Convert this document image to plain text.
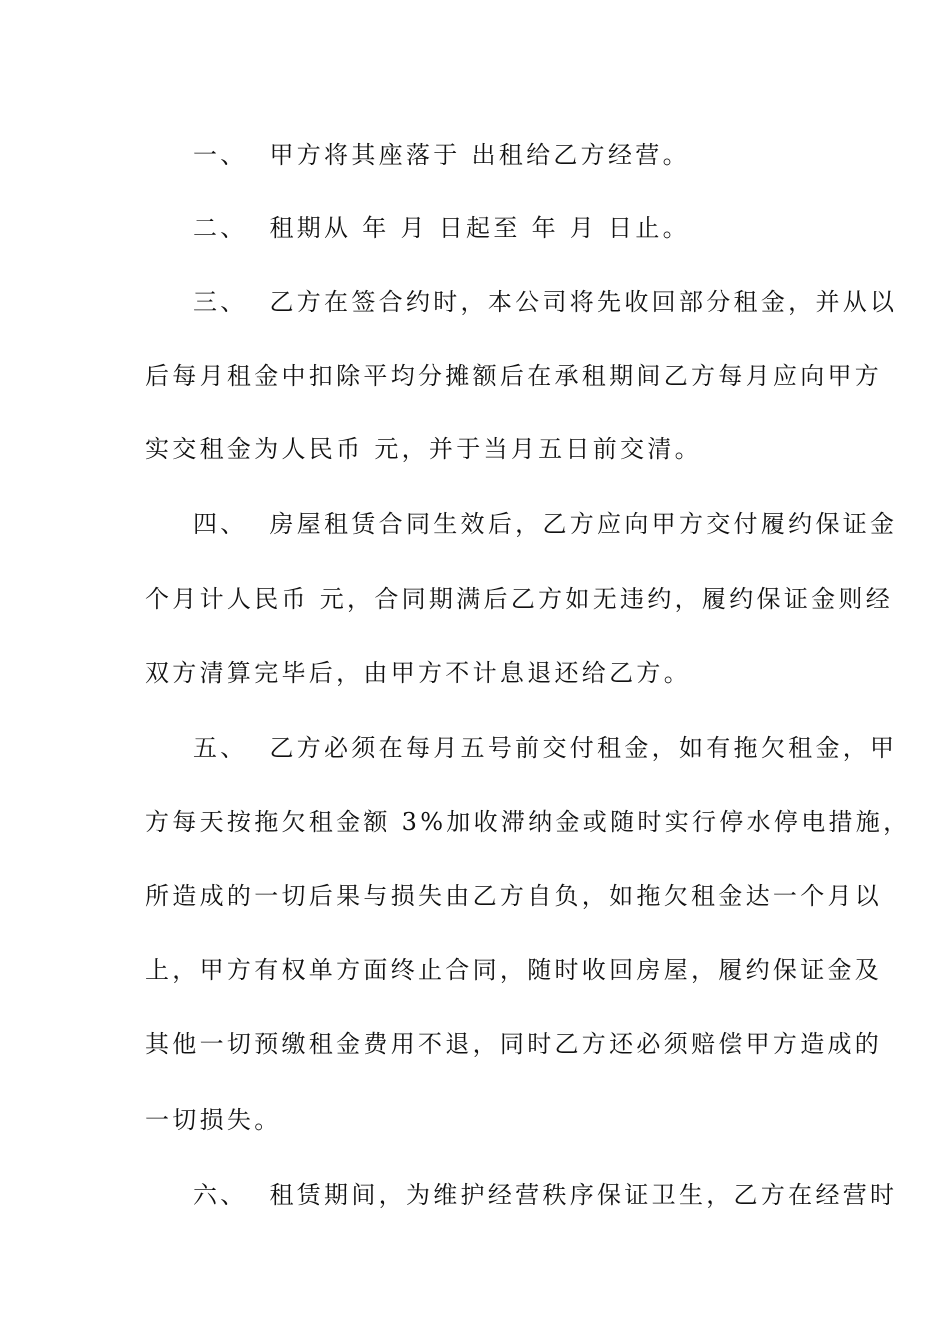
一、  甲方将其座落于 出租给乙方经营。
二、  租期从 年 月 日起至 年 月 日止。
三、  乙方在签合约时，本公司将先收回部分租金，并从以
后每月租金中扣除平均分摊额后在承租期间乙方每月应向甲方
实交租金为人民币 元，并于当月五日前交清。
四、  房屋租赁合同生效后，乙方应向甲方交付履约保证金
个月计人民币 元，合同期满后乙方如无违约，履约保证金则经
双方清算完毕后，由甲方不计息退还给乙方。
五、  乙方必须在每月五号前交付租金，如有拖欠租金，甲
方每天按拖欠租金额 3%加收滞纳金或随时实行停水停电措施，
所造成的一切后果与损失由乙方自负，如拖欠租金达一个月以
上，甲方有权单方面终止合同，随时收回房屋，履约保证金及
其他一切预缴租金费用不退，同时乙方还必须赔偿甲方造成的
一切损失。
六、  租赁期间，为维护经营秩序保证卫生，乙方在经营时
